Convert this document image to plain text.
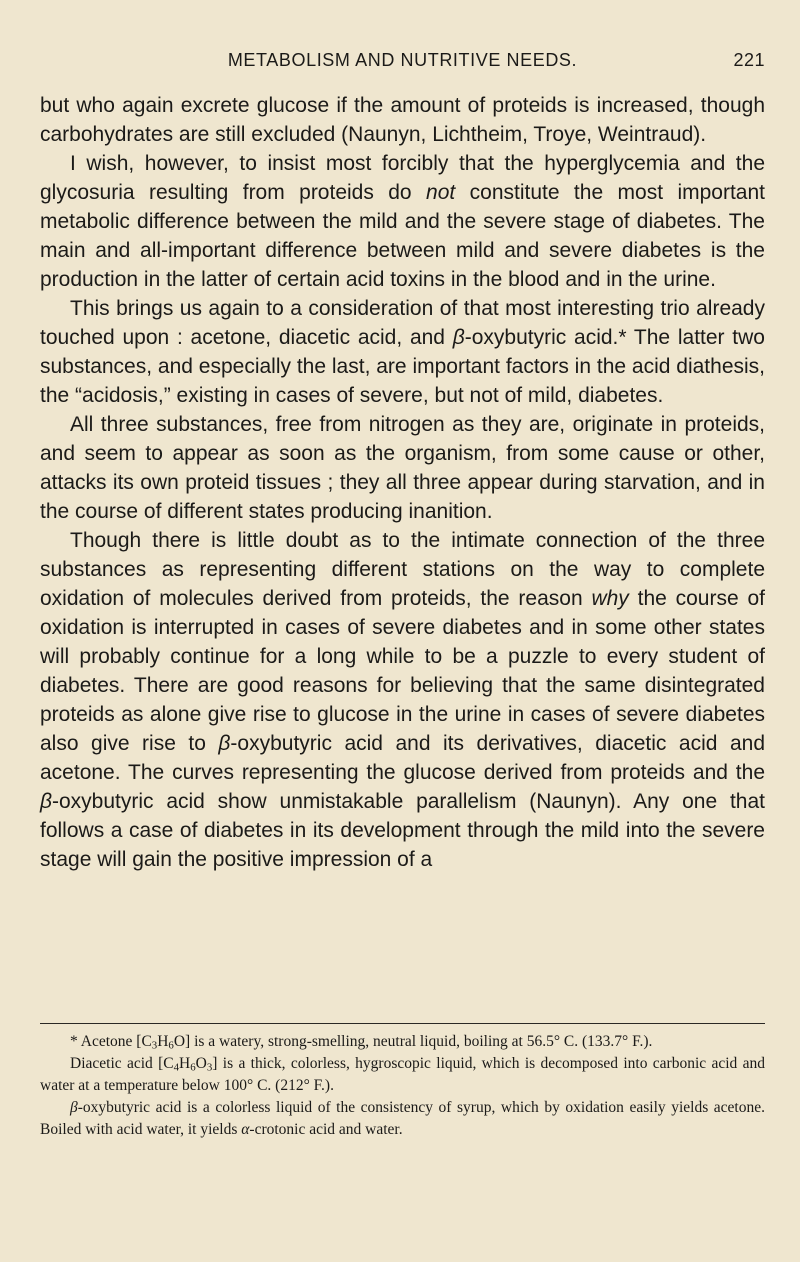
METABOLISM AND NUTRITIVE NEEDS.	221

but who again excrete glucose if the amount of proteids is increased, though carbohydrates are still excluded (Naunyn, Lichtheim, Troye, Weintraud).

I wish, however, to insist most forcibly that the hyperglycemia and the glycosuria resulting from proteids do not constitute the most important metabolic difference between the mild and the severe stage of diabetes. The main and all-important difference between mild and severe diabetes is the production in the latter of certain acid toxins in the blood and in the urine.

This brings us again to a consideration of that most interesting trio already touched upon : acetone, diacetic acid, and β-oxybutyric acid.* The latter two substances, and especially the last, are important factors in the acid diathesis, the “acidosis,” existing in cases of severe, but not of mild, diabetes.

All three substances, free from nitrogen as they are, originate in proteids, and seem to appear as soon as the organism, from some cause or other, attacks its own proteid tissues ; they all three appear during starvation, and in the course of different states producing inanition.

Though there is little doubt as to the intimate connection of the three substances as representing different stations on the way to complete oxidation of molecules derived from proteids, the reason why the course of oxidation is interrupted in cases of severe diabetes and in some other states will probably continue for a long while to be a puzzle to every student of diabetes. There are good reasons for believing that the same disintegrated proteids as alone give rise to glucose in the urine in cases of severe diabetes also give rise to β-oxybutyric acid and its derivatives, diacetic acid and acetone. The curves representing the glucose derived from proteids and the β-oxybutyric acid show unmistakable parallelism (Naunyn). Any one that follows a case of diabetes in its development through the mild into the severe stage will gain the positive impression of a

* Acetone $[C_3H_6O]$ is a watery, strong-smelling, neutral liquid, boiling at 56.5° C. (133.7° F.).

Diacetic acid $[C_4H_6O_3]$ is a thick, colorless, hygroscopic liquid, which is decomposed into carbonic acid and water at a temperature below 100° C. (212° F.).

β-oxybutyric acid is a colorless liquid of the consistency of syrup, which by oxidation easily yields acetone. Boiled with acid water, it yields α-crotonic acid and water.
